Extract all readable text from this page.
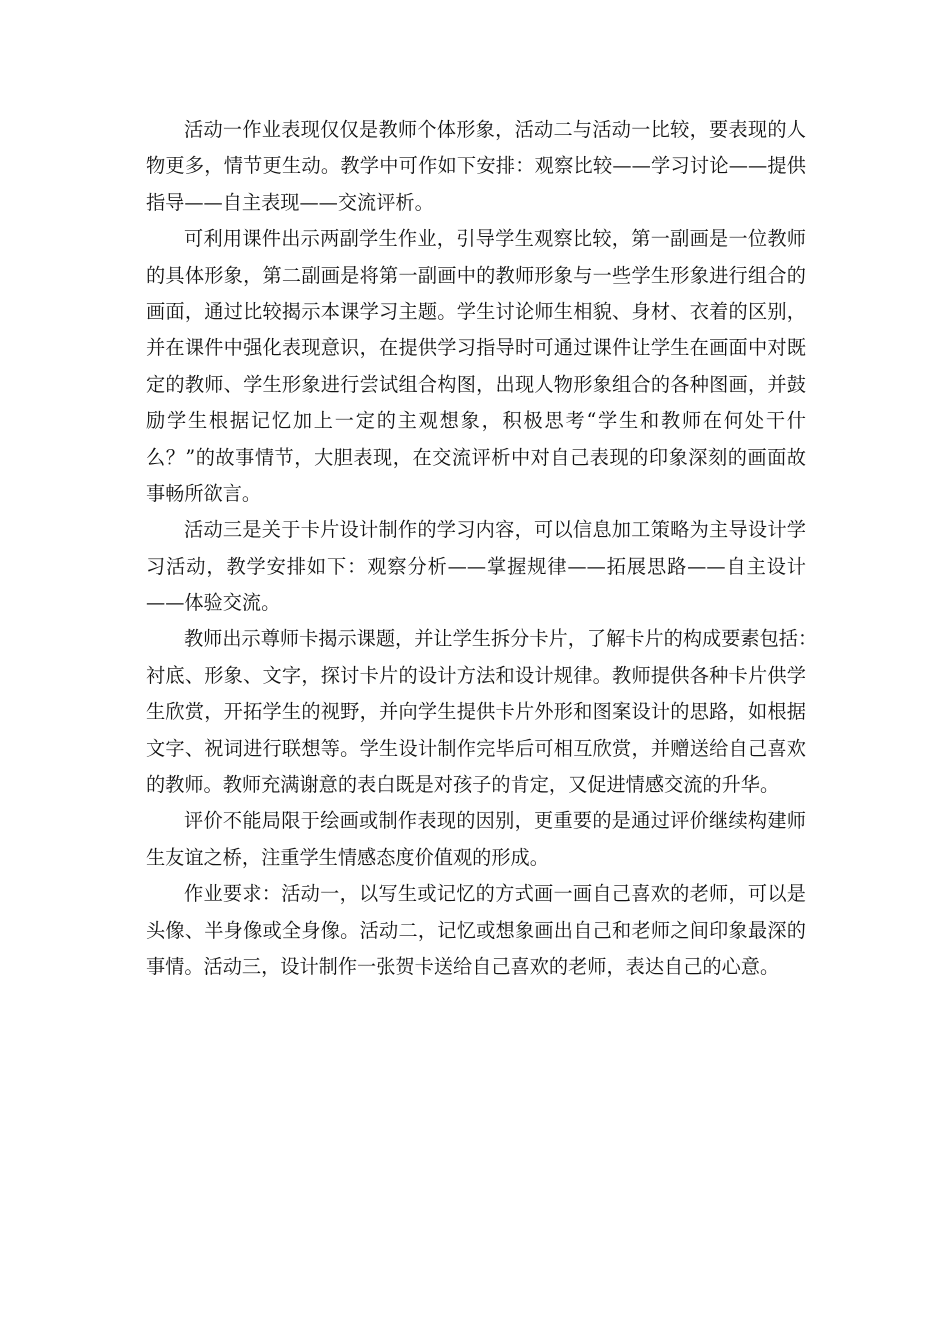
活动一作业表现仅仅是教师个体形象，活动二与活动一比较，要表现的人
物更多，情节更生动。教学中可作如下安排：观察比较——学习讨论——提供
指导——自主表现——交流评析。
可利用课件出示两副学生作业，引导学生观察比较，第一副画是一位教师
的具体形象，第二副画是将第一副画中的教师形象与一些学生形象进行组合的
画面，通过比较揭示本课学习主题。学生讨论师生相貌、身材、衣着的区别，
并在课件中强化表现意识，在提供学习指导时可通过课件让学生在画面中对既
定的教师、学生形象进行尝试组合构图，出现人物形象组合的各种图画，并鼓
励学生根据记忆加上一定的主观想象，积极思考“学生和教师在何处干什
么？”的故事情节，大胆表现，在交流评析中对自己表现的印象深刻的画面故
事畅所欲言。
活动三是关于卡片设计制作的学习内容，可以信息加工策略为主导设计学
习活动，教学安排如下：观察分析——掌握规律——拓展思路——自主设计
——体验交流。
教师出示尊师卡揭示课题，并让学生拆分卡片，了解卡片的构成要素包括：
衬底、形象、文字，探讨卡片的设计方法和设计规律。教师提供各种卡片供学
生欣赏，开拓学生的视野，并向学生提供卡片外形和图案设计的思路，如根据
文字、祝词进行联想等。学生设计制作完毕后可相互欣赏，并赠送给自己喜欢
的教师。教师充满谢意的表白既是对孩子的肯定，又促进情感交流的升华。
评价不能局限于绘画或制作表现的因别，更重要的是通过评价继续构建师
生友谊之桥，注重学生情感态度价值观的形成。
作业要求：活动一，以写生或记忆的方式画一画自己喜欢的老师，可以是
头像、半身像或全身像。活动二，记忆或想象画出自己和老师之间印象最深的
事情。活动三，设计制作一张贺卡送给自己喜欢的老师，表达自己的心意。
